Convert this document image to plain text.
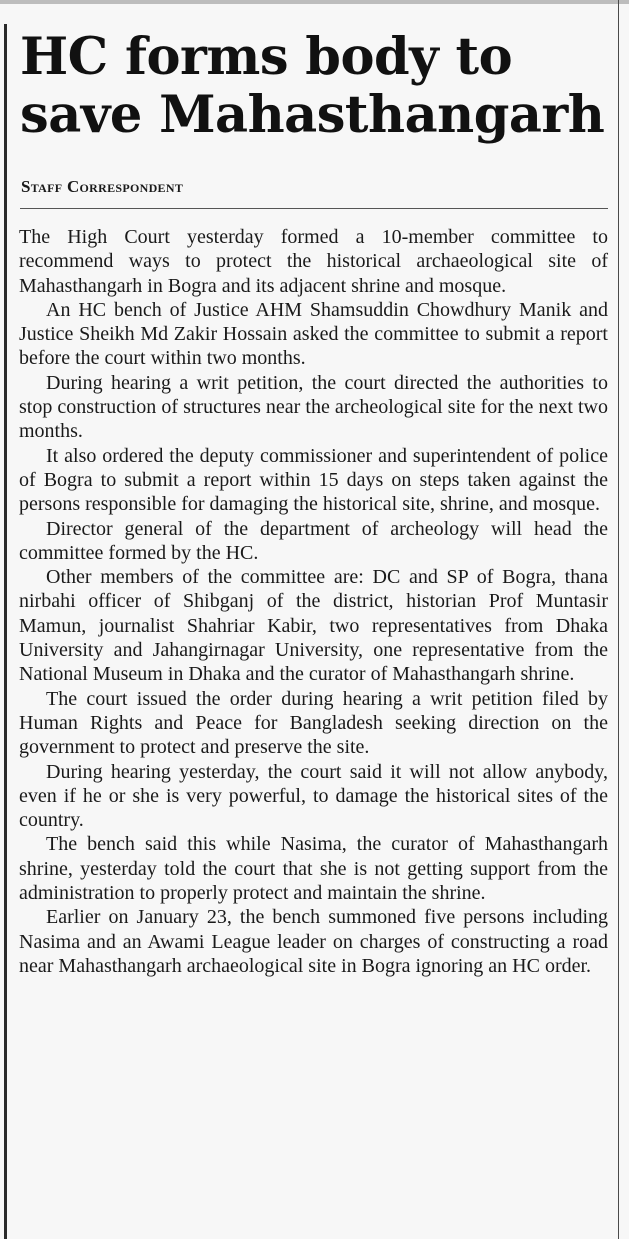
HC forms body to save Mahasthangarh
Staff Correspondent

The High Court yesterday formed a 10-member committee to recommend ways to protect the historical archaeological site of Mahasthangarh in Bogra and its adjacent shrine and mosque.

An HC bench of Justice AHM Shamsuddin Chowdhury Manik and Justice Sheikh Md Zakir Hossain asked the committee to submit a report before the court within two months.

During hearing a writ petition, the court directed the authorities to stop construction of structures near the archeological site for the next two months.

It also ordered the deputy commissioner and superintendent of police of Bogra to submit a report within 15 days on steps taken against the persons responsible for damaging the historical site, shrine, and mosque.

Director general of the department of archeology will head the committee formed by the HC.

Other members of the committee are: DC and SP of Bogra, thana nirbahi officer of Shibganj of the district, historian Prof Muntasir Mamun, journalist Shahriar Kabir, two representatives from Dhaka University and Jahangirnagar University, one representative from the National Museum in Dhaka and the curator of Mahasthangarh shrine.

The court issued the order during hearing a writ petition filed by Human Rights and Peace for Bangladesh seeking direction on the government to protect and preserve the site.

During hearing yesterday, the court said it will not allow anybody, even if he or she is very powerful, to damage the historical sites of the country.

The bench said this while Nasima, the curator of Mahasthangarh shrine, yesterday told the court that she is not getting support from the administration to properly protect and maintain the shrine.

Earlier on January 23, the bench summoned five persons including Nasima and an Awami League leader on charges of constructing a road near Mahasthangarh archaeological site in Bogra ignoring an HC order.
